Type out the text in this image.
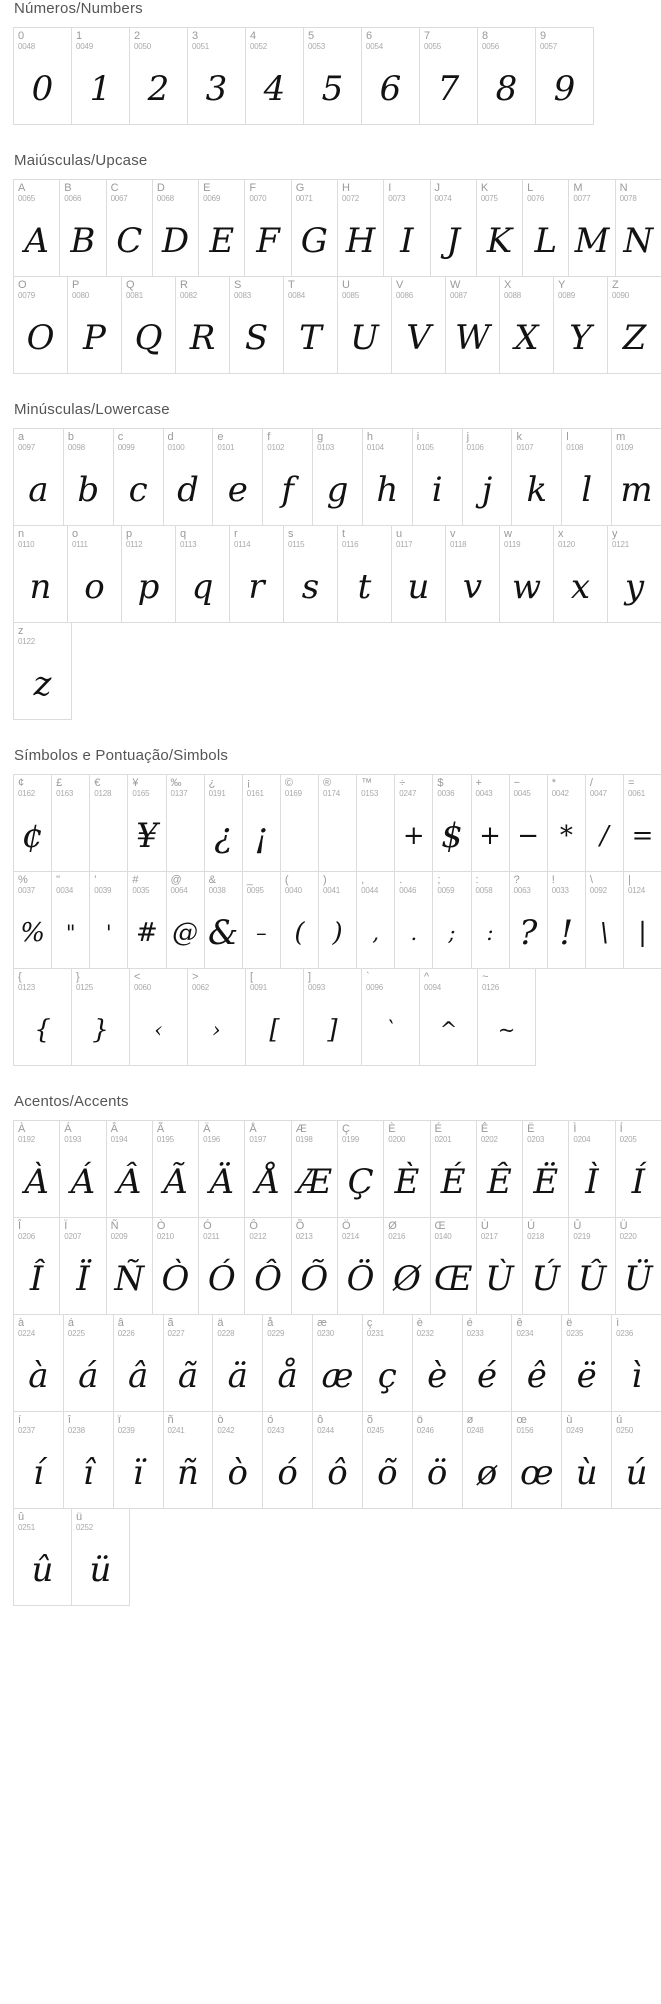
Números/Numbers
0
0048
0
1
0049
1
2
0050
2
3
0051
3
4
0052
4
5
0053
5
6
0054
6
7
0055
7
8
0056
8
9
0057
9
Maiúsculas/Upcase
A
0065
A
B
0066
B
C
0067
C
D
0068
D
E
0069
E
F
0070
F
G
0071
G
H
0072
H
I
0073
I
J
0074
J
K
0075
K
L
0076
L
M
0077
M
N
0078
N
O
0079
O
P
0080
P
Q
0081
Q
R
0082
R
S
0083
S
T
0084
T
U
0085
U
V
0086
V
W
0087
W
X
0088
X
Y
0089
Y
Z
0090
Z
Minúsculas/Lowercase
a
0097
a
b
0098
b
c
0099
c
d
0100
d
e
0101
e
f
0102
f
g
0103
g
h
0104
h
i
0105
i
j
0106
j
k
0107
k
l
0108
l
m
0109
m
n
0110
n
o
0111
o
p
0112
p
q
0113
q
r
0114
r
s
0115
s
t
0116
t
u
0117
u
v
0118
v
w
0119
w
x
0120
x
y
0121
y
z
0122
z
Símbolos e Pontuação/Simbols
¢
0162
¢
£
0163
€
0128
¥
0165
¥
‰
0137
¿
0191
¿
¡
0161
¡
©
0169
®
0174
™
0153
÷
0247
+
$
0036
$
+
0043
+
−
0045
−
*
0042
*
/
0047
/
=
0061
=
%
0037
%
"
0034
"
'
0039
'
#
0035
#
@
0064
@
&
0038
&
_
0095
–
(
0040
(
)
0041
)
,
0044
,
.
0046
.
;
0059
;
:
0058
:
?
0063
?
!
0033
!
\
0092
\
|
0124
|
{
0123
{
}
0125
}
<
0060
‹
>
0062
›
[
0091
[
]
0093
]
`
0096
`
^
0094
^
~
0126
~
Acentos/Accents
À
0192
À
Á
0193
Á
Â
0194
Â
Ã
0195
Ã
Ä
0196
Ä
Å
0197
Å
Æ
0198
Æ
Ç
0199
Ç
È
0200
È
É
0201
É
Ê
0202
Ê
Ë
0203
Ë
Ì
0204
Ì
Í
0205
Í
Î
0206
Î
Ï
0207
Ï
Ñ
0209
Ñ
Ò
0210
Ò
Ó
0211
Ó
Ô
0212
Ô
Õ
0213
Õ
Ö
0214
Ö
Ø
0216
Ø
Œ
0140
Œ
Ù
0217
Ù
Ú
0218
Ú
Û
0219
Û
Ü
0220
Ü
à
0224
à
á
0225
á
â
0226
â
ã
0227
ã
ä
0228
ä
å
0229
å
æ
0230
æ
ç
0231
ç
è
0232
è
é
0233
é
ê
0234
ê
ë
0235
ë
ì
0236
ì
í
0237
í
î
0238
î
ï
0239
ï
ñ
0241
ñ
ò
0242
ò
ó
0243
ó
ô
0244
ô
õ
0245
õ
ö
0246
ö
ø
0248
ø
œ
0156
œ
ù
0249
ù
ú
0250
ú
û
0251
û
ü
0252
ü
